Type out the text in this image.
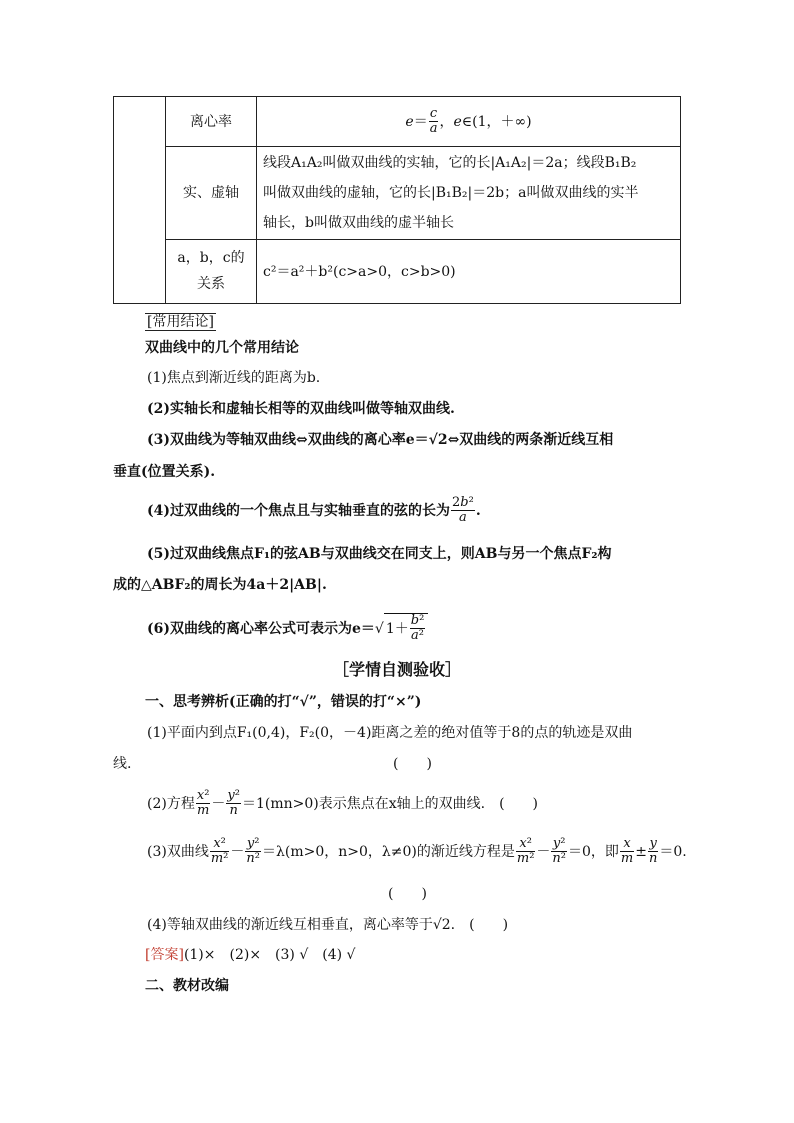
	离心率	$e= \frac{c}{a}$ ，e∈(1，＋∞)
	实、虚轴	线段A₁A₂叫做双曲线的实轴，它的长|A₁A₂|＝2a；线段B₁B₂
叫做双曲线的虚轴，它的长|B₁B₂|＝2b；a叫做双曲线的实半
轴长，b叫做双曲线的虚半轴长

	a，b，c的
关系	c²＝a²＋b²(c>a>0，c>b>0)
[常用结论]
双曲线中的几个常用结论
(1)焦点到渐近线的距离为b.
(2)实轴长和虚轴长相等的双曲线叫做等轴双曲线.
(3)双曲线为等轴双曲线⇔双曲线的离心率e＝√2⇔双曲线的两条渐近线互相
垂直(位置关系).
(4)过双曲线的一个焦点且与实轴垂直的弦的长为 $\frac{\text{2b²}}{a}$ .
(5)过双曲线焦点F₁的弦AB与双曲线交在同支上，则AB与另一个焦点F₂构
成的△ABF₂的周长为4a＋2|AB|.
(6)双曲线的离心率公式可表示为e＝√ $1+ \frac{\text{b²}}{\text{a²}}$
［学情自测验收］
一、思考辨析(正确的打“√”，错误的打“×”)
(1)平面内到点F₁(0,4)，F₂(0，－4)距离之差的绝对值等于8的点的轨迹是双曲
线.	(　　)
(2)方程 $\frac{\text{x²}}{m} - \frac{\text{y²}}{n} =1(mn>0)$表示焦点在x轴上的双曲线.　 (　　)
(3)双曲线 $\frac{\text{x²}}{\text{m²}} - \frac{\text{y²}}{\text{n²}} =\lambda(m>0$，n>0，λ≠0)的渐近线方程是 $\frac{\text{x²}}{\text{m²}} - \frac{\text{y²}}{\text{n²}} =0$，即 $\frac{x}{m} \pm \frac{y}{n} =0$.
(　　)
(4)等轴双曲线的渐近线互相垂直，离心率等于√2.　 (　　)
[答案](1)×　(2)×　(3) √　(4) √
二、教材改编
